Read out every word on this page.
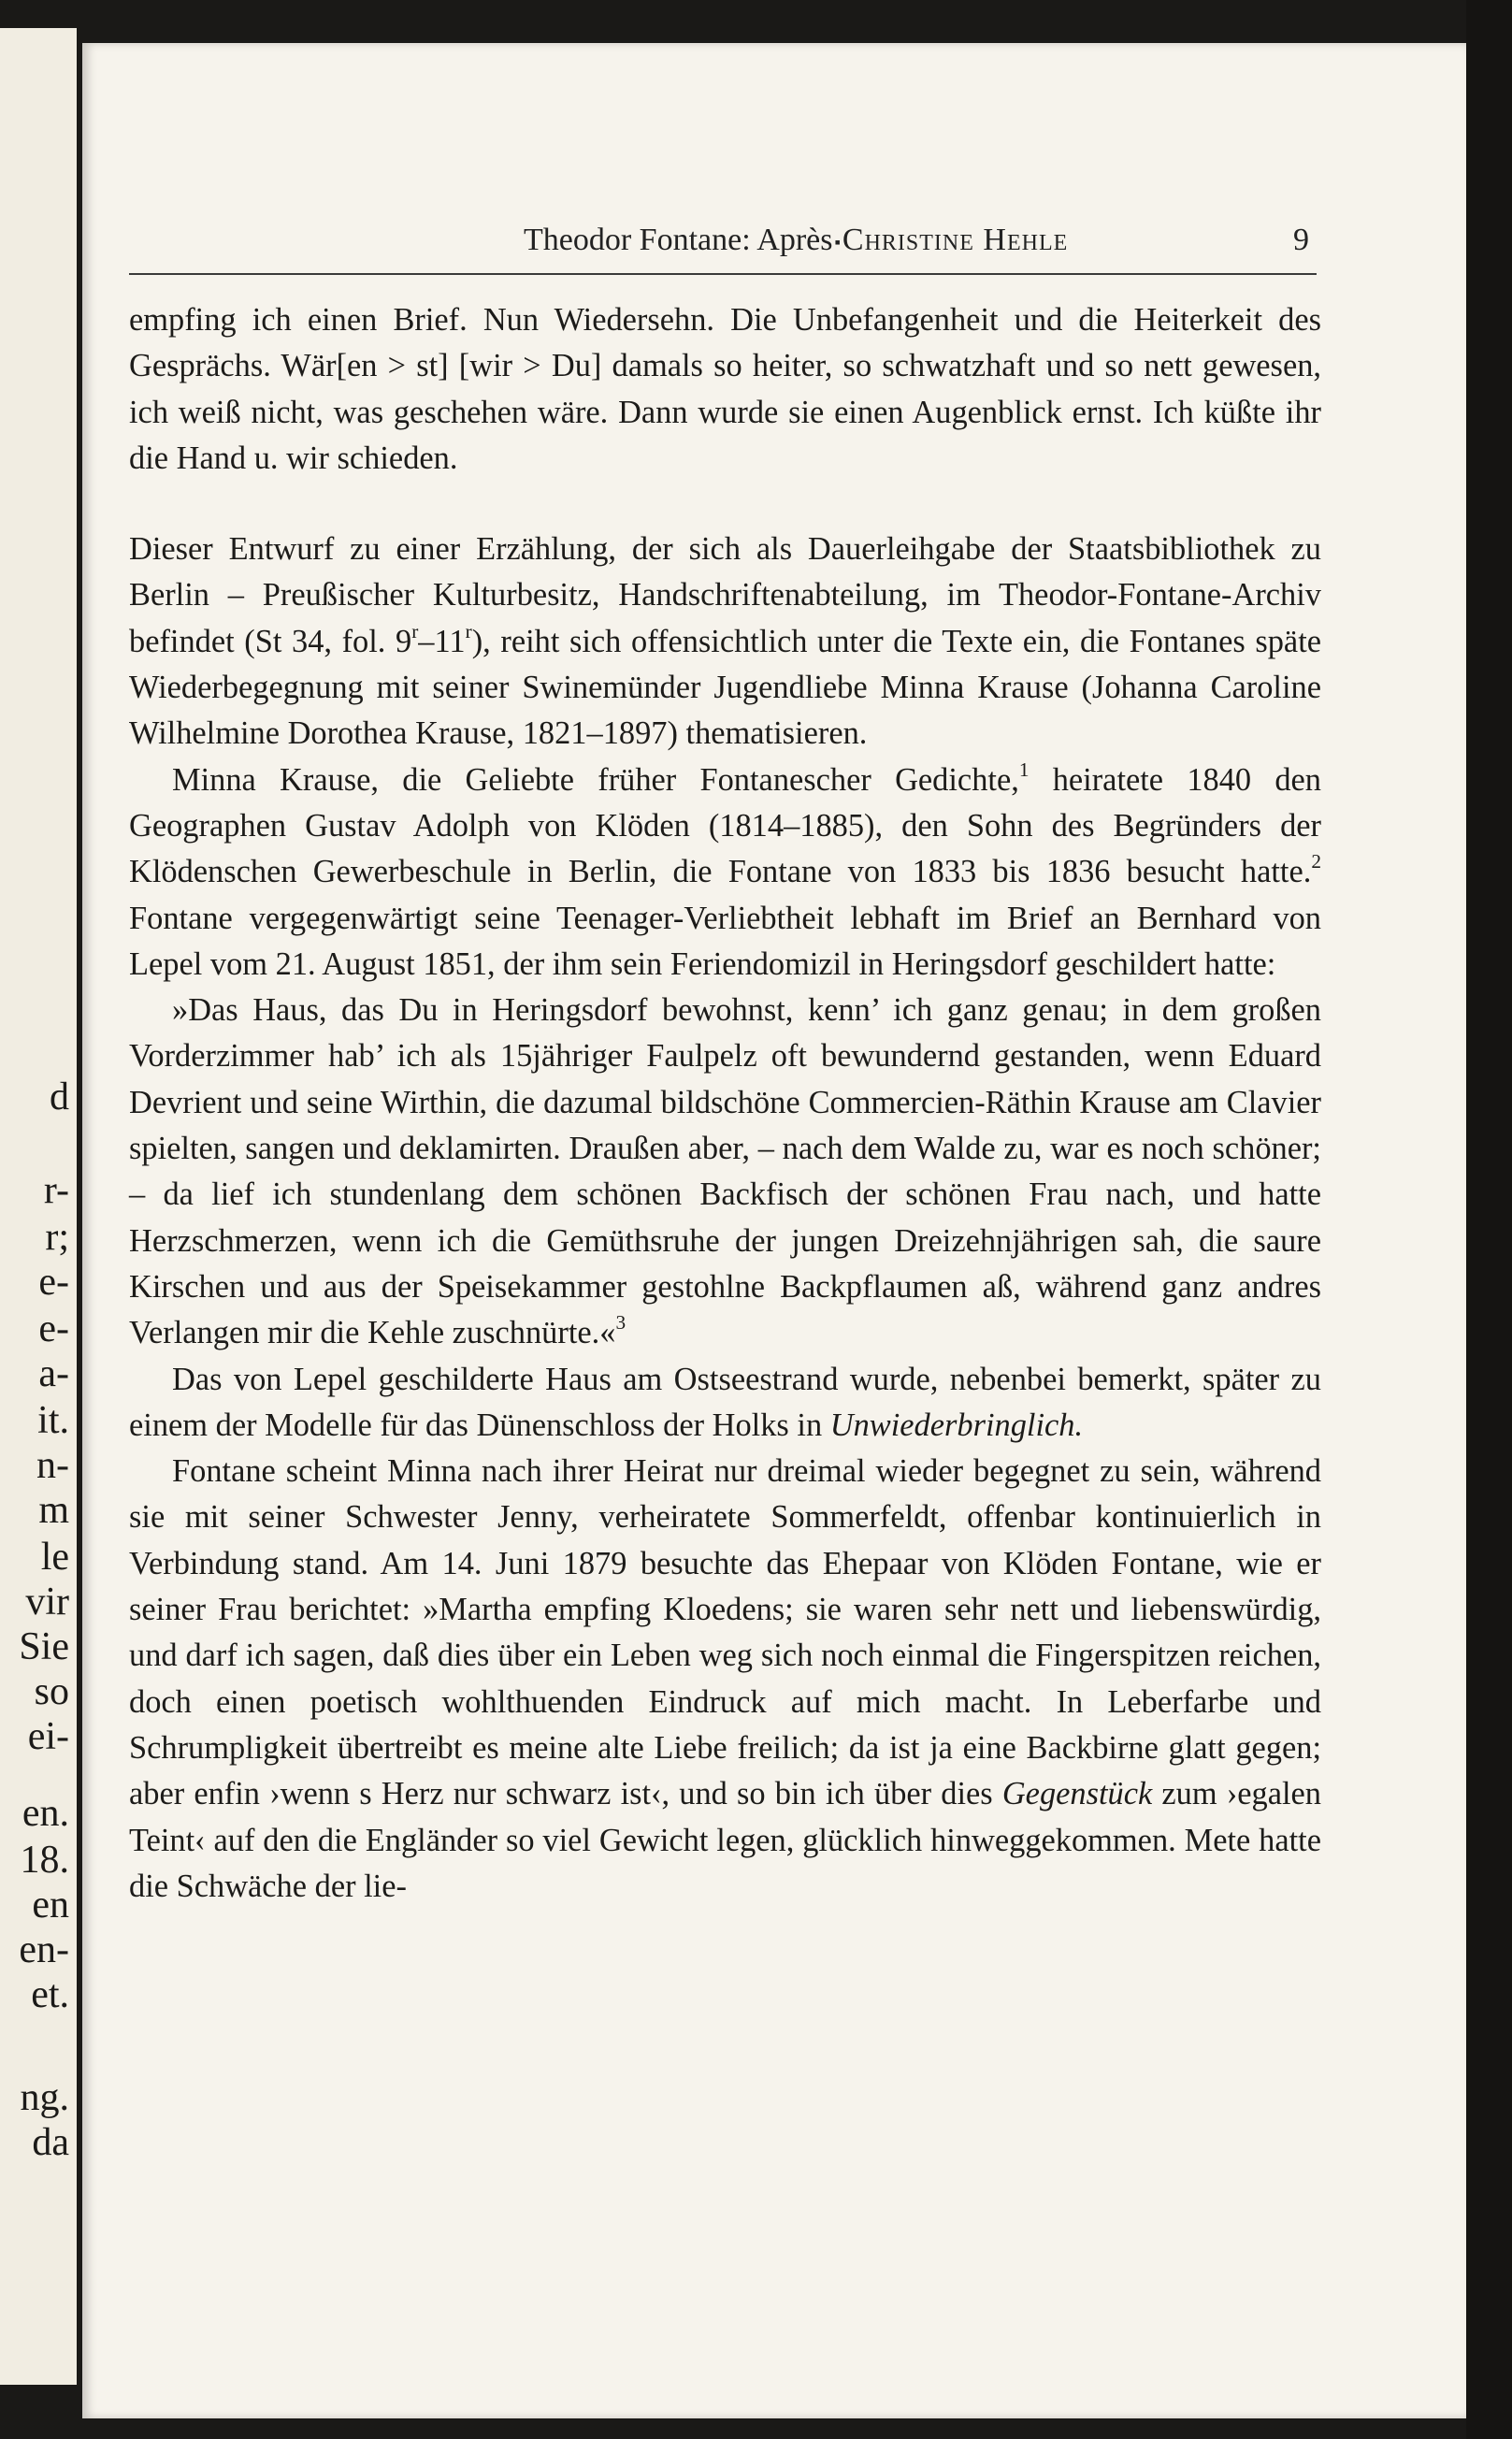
d
r-
r;
e-
e-
a-
it.
n-
m
le
vir
Sie
so
ei-
en.
18.
en
en-
et.
ng.
da
Theodor Fontane: Après ▪Christine Hehle	9

empfing ich einen Brief. Nun Wiedersehn. Die Unbefangenheit und die Heiterkeit des Gesprächs. Wär[en > st] [wir > Du] damals so heiter, so schwatzhaft und so nett gewesen, ich weiß nicht, was geschehen wäre. Dann wurde sie einen Augenblick ernst. Ich küßte ihr die Hand u. wir schieden.

Dieser Entwurf zu einer Erzählung, der sich als Dauerleihgabe der Staatsbibliothek zu Berlin – Preußischer Kulturbesitz, Handschriftenabteilung, im Theodor-Fontane-Archiv befindet (St 34, fol. 9$^r$–11$^r$), reiht sich offensichtlich unter die Texte ein, die Fontanes späte Wiederbegegnung mit seiner Swinemünder Jugendliebe Minna Krause (Johanna Caroline Wilhelmine Dorothea Krause, 1821–1897) thematisieren.

Minna Krause, die Geliebte früher Fontanescher Gedichte,$^1$ heiratete 1840 den Geographen Gustav Adolph von Klöden (1814–1885), den Sohn des Begründers der Klödenschen Gewerbeschule in Berlin, die Fontane von 1833 bis 1836 besucht hatte.$^2$ Fontane vergegenwärtigt seine Teenager-Verliebtheit lebhaft im Brief an Bernhard von Lepel vom 21. August 1851, der ihm sein Feriendomizil in Heringsdorf geschildert hatte:

»Das Haus, das Du in Heringsdorf bewohnst, kenn’ ich ganz genau; in dem großen Vorderzimmer hab’ ich als 15jähriger Faulpelz oft bewundernd gestanden, wenn Eduard Devrient und seine Wirthin, die dazumal bildschöne Commercien-Räthin Krause am Clavier spielten, sangen und deklamirten. Draußen aber, – nach dem Walde zu, war es noch schöner; – da lief ich stundenlang dem schönen Backfisch der schönen Frau nach, und hatte Herzschmerzen, wenn ich die Gemüthsruhe der jungen Dreizehnjährigen sah, die saure Kirschen und aus der Speisekammer gestohlne Backpflaumen aß, während ganz andres Verlangen mir die Kehle zuschnürte.«$^3$

Das von Lepel geschilderte Haus am Ostseestrand wurde, nebenbei bemerkt, später zu einem der Modelle für das Dünenschloss der Holks in Unwiederbringlich.

Fontane scheint Minna nach ihrer Heirat nur dreimal wieder begegnet zu sein, während sie mit seiner Schwester Jenny, verheiratete Sommerfeldt, offenbar kontinuierlich in Verbindung stand. Am 14. Juni 1879 besuchte das Ehepaar von Klöden Fontane, wie er seiner Frau berichtet: »Martha empfing Kloedens; sie waren sehr nett und liebenswürdig, und darf ich sagen, daß dies über ein Leben weg sich noch einmal die Fingerspitzen reichen, doch einen poetisch wohlthuenden Eindruck auf mich macht. In Leberfarbe und Schrumpligkeit übertreibt es meine alte Liebe freilich; da ist ja eine Backbirne glatt gegen; aber enfin ›wenn s Herz nur schwarz ist‹, und so bin ich über dies Gegenstück zum ›egalen Teint‹ auf den die Engländer so viel Gewicht legen, glücklich hinweggekommen. Mete hatte die Schwäche der lie-
